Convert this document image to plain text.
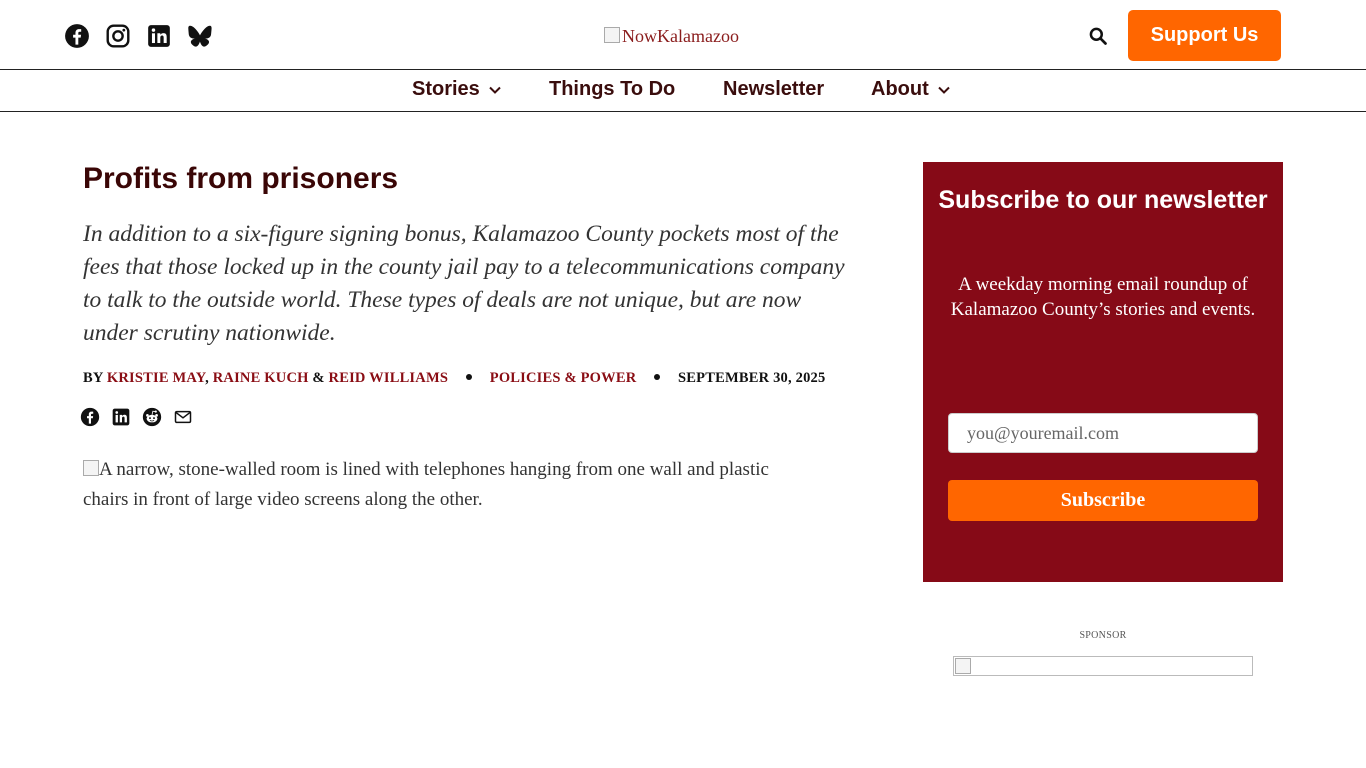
NowKalamazoo	Support Us
Stories	Things To Do Newsletter About
Profits from prisoners

In addition to a six-figure signing bonus, Kalamazoo County pockets most of the fees that those locked up in the county jail pay to a telecommunications company to talk to the outside world. These types of deals are not unique, but are now under scrutiny nationwide.

BY KRISTIE MAY, RAINE KUCH & REID WILLIAMS	POLICIES & POWER	SEPTEMBER 30, 2025
A narrow, stone-walled room is lined with telephones hanging from one wall and plastic chairs in front of large video screens along the other.
Subscribe to our newsletter
A weekday morning email roundup of Kalamazoo County’s stories and events.
you@youremail.com
Subscribe
SPONSOR
